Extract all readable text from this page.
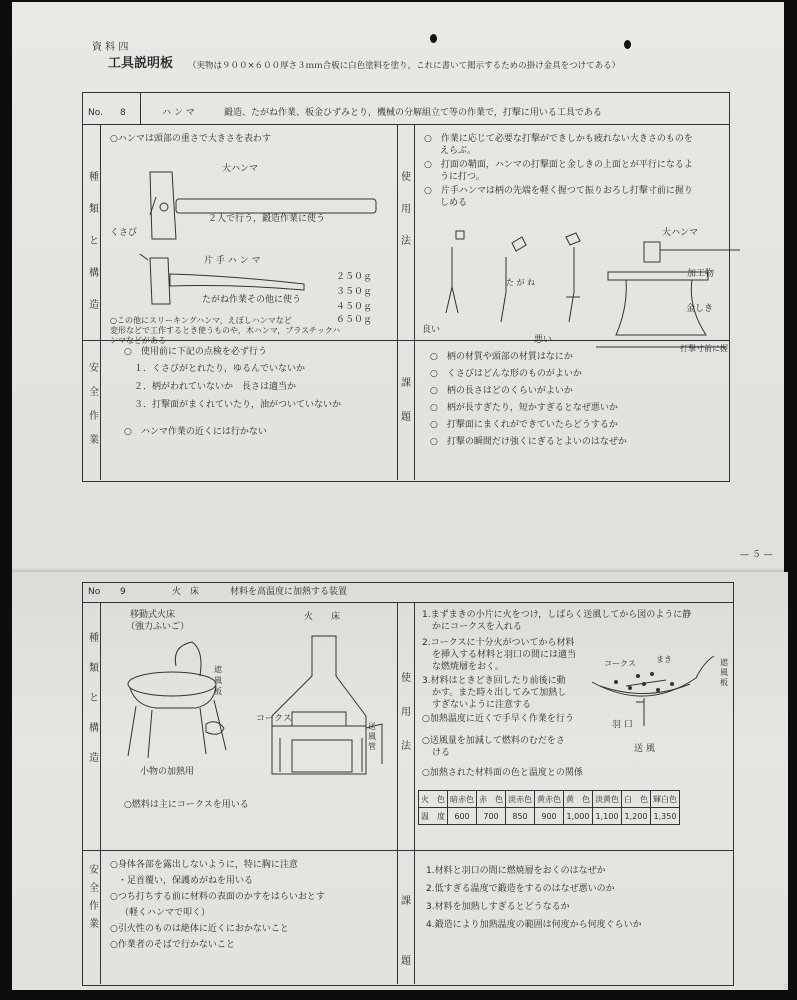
資 料 四
工具説明板 （実物は９００×６００厚さ３ｍｍ合板に白色塗料を塗り，これに書いて掲示するための掛け金具をつけてある）
No. 8	ハ ン マ	鍛造、たがね作業、板金ひずみとり，機械の分解組立て等の作業で，打撃に用いる工具である
種 類 と 構 造
安 全 作 業
使 用 法
課 題
○ハンマは頭部の重さで大きさを表わす
大ハンマ
くさび
２人で行う，鍛造作業に使う
片 手 ハ ン マ
２５０ｇ
３５０ｇ
たがね作業その他に使う
４５０ｇ
６５０ｇ
○この他にスリーキングハンマ，えぼしハンマなど
変形などで工作するとき使うものや，木ハンマ，プラスチックハ
ンマなどがある
○　作業に応じて必要な打撃ができしかも疲れない大きさのものを
えらぶ。
○　打面の鞘面，ハンマの打撃面と金しきの上面とが平行になるよ
うに打つ。
○　片手ハンマは柄の先端を軽く握つて振りおろし打撃寸前に握り
しめる
た が ね
良い
悪い
大ハンマ
加工物
金しき
打撃寸前に握
○　使用前に下記の点検を必ず行う
１．くさびがとれたり，ゆるんでいないか
２．柄がわれていないか　長さは適当か
３．打撃面がまくれていたり，油がついていないか
○　ハンマ作業の近くには行かない
○　柄の材質や頭部の材質はなにか
○　くさびはどんな形のものがよいか
○　柄の長さはどのくらいがよいか
○　柄が長すぎたり，短かすぎるとなぜ悪いか
○　打撃面にまくれができていたらどうするか
○　打撃の瞬間だけ強くにぎるとよいのはなぜか
— ５ —
No 9	火　床	材料を高温度に加熱する装置
種 類 と 構 造
安 全 作 業
使 用 法
課 題
移動式火床
（強力ふいご）
火　　床
遮 風 板
小物の加熱用
コークス
送 風 管
○燃料は主にコークスを用いる
1.まずまきの小片に火をつけ，しばらく送風してから図のように静
かにコークスを入れる
2.コークスに十分火がついてから材料
を挿入する材料と羽口の間には適当
な燃焼層をおく。
3.材料はときどき回したり前後に動
かす。また時々出してみて加熱し
すぎないように注意する
○加熱温度に近くで手早く作業を行う
○送風量を加減して燃料のむだをさ
ける
○加熱された材料面の色と温度との関係
コークス	まき	遮 風 板
羽 口
送 風
火　色	暗赤色	赤　色	淡赤色	黄赤色	黄　色	淡黄色	白　色	輝白色
温　度	600	700	850	900	1,000	1,100	1,200	1,350
○身体各部を露出しないように，特に胸に注意
・足首覆い，保護めがねを用いる
○つち打ちする前に材料の表面のかすをはらいおとす
（軽くハンマで叩く）
○引火性のものは絶体に近くにおかないこと
○作業者のそばで行かないこと
1.材料と羽口の間に燃焼層をおくのはなぜか
2.低すぎる温度で鍛造をするのはなぜ悪いのか
3.材料を加熱しすぎるとどうなるか
4.鍛造により加熱温度の範囲は何度から何度ぐらいか
５
